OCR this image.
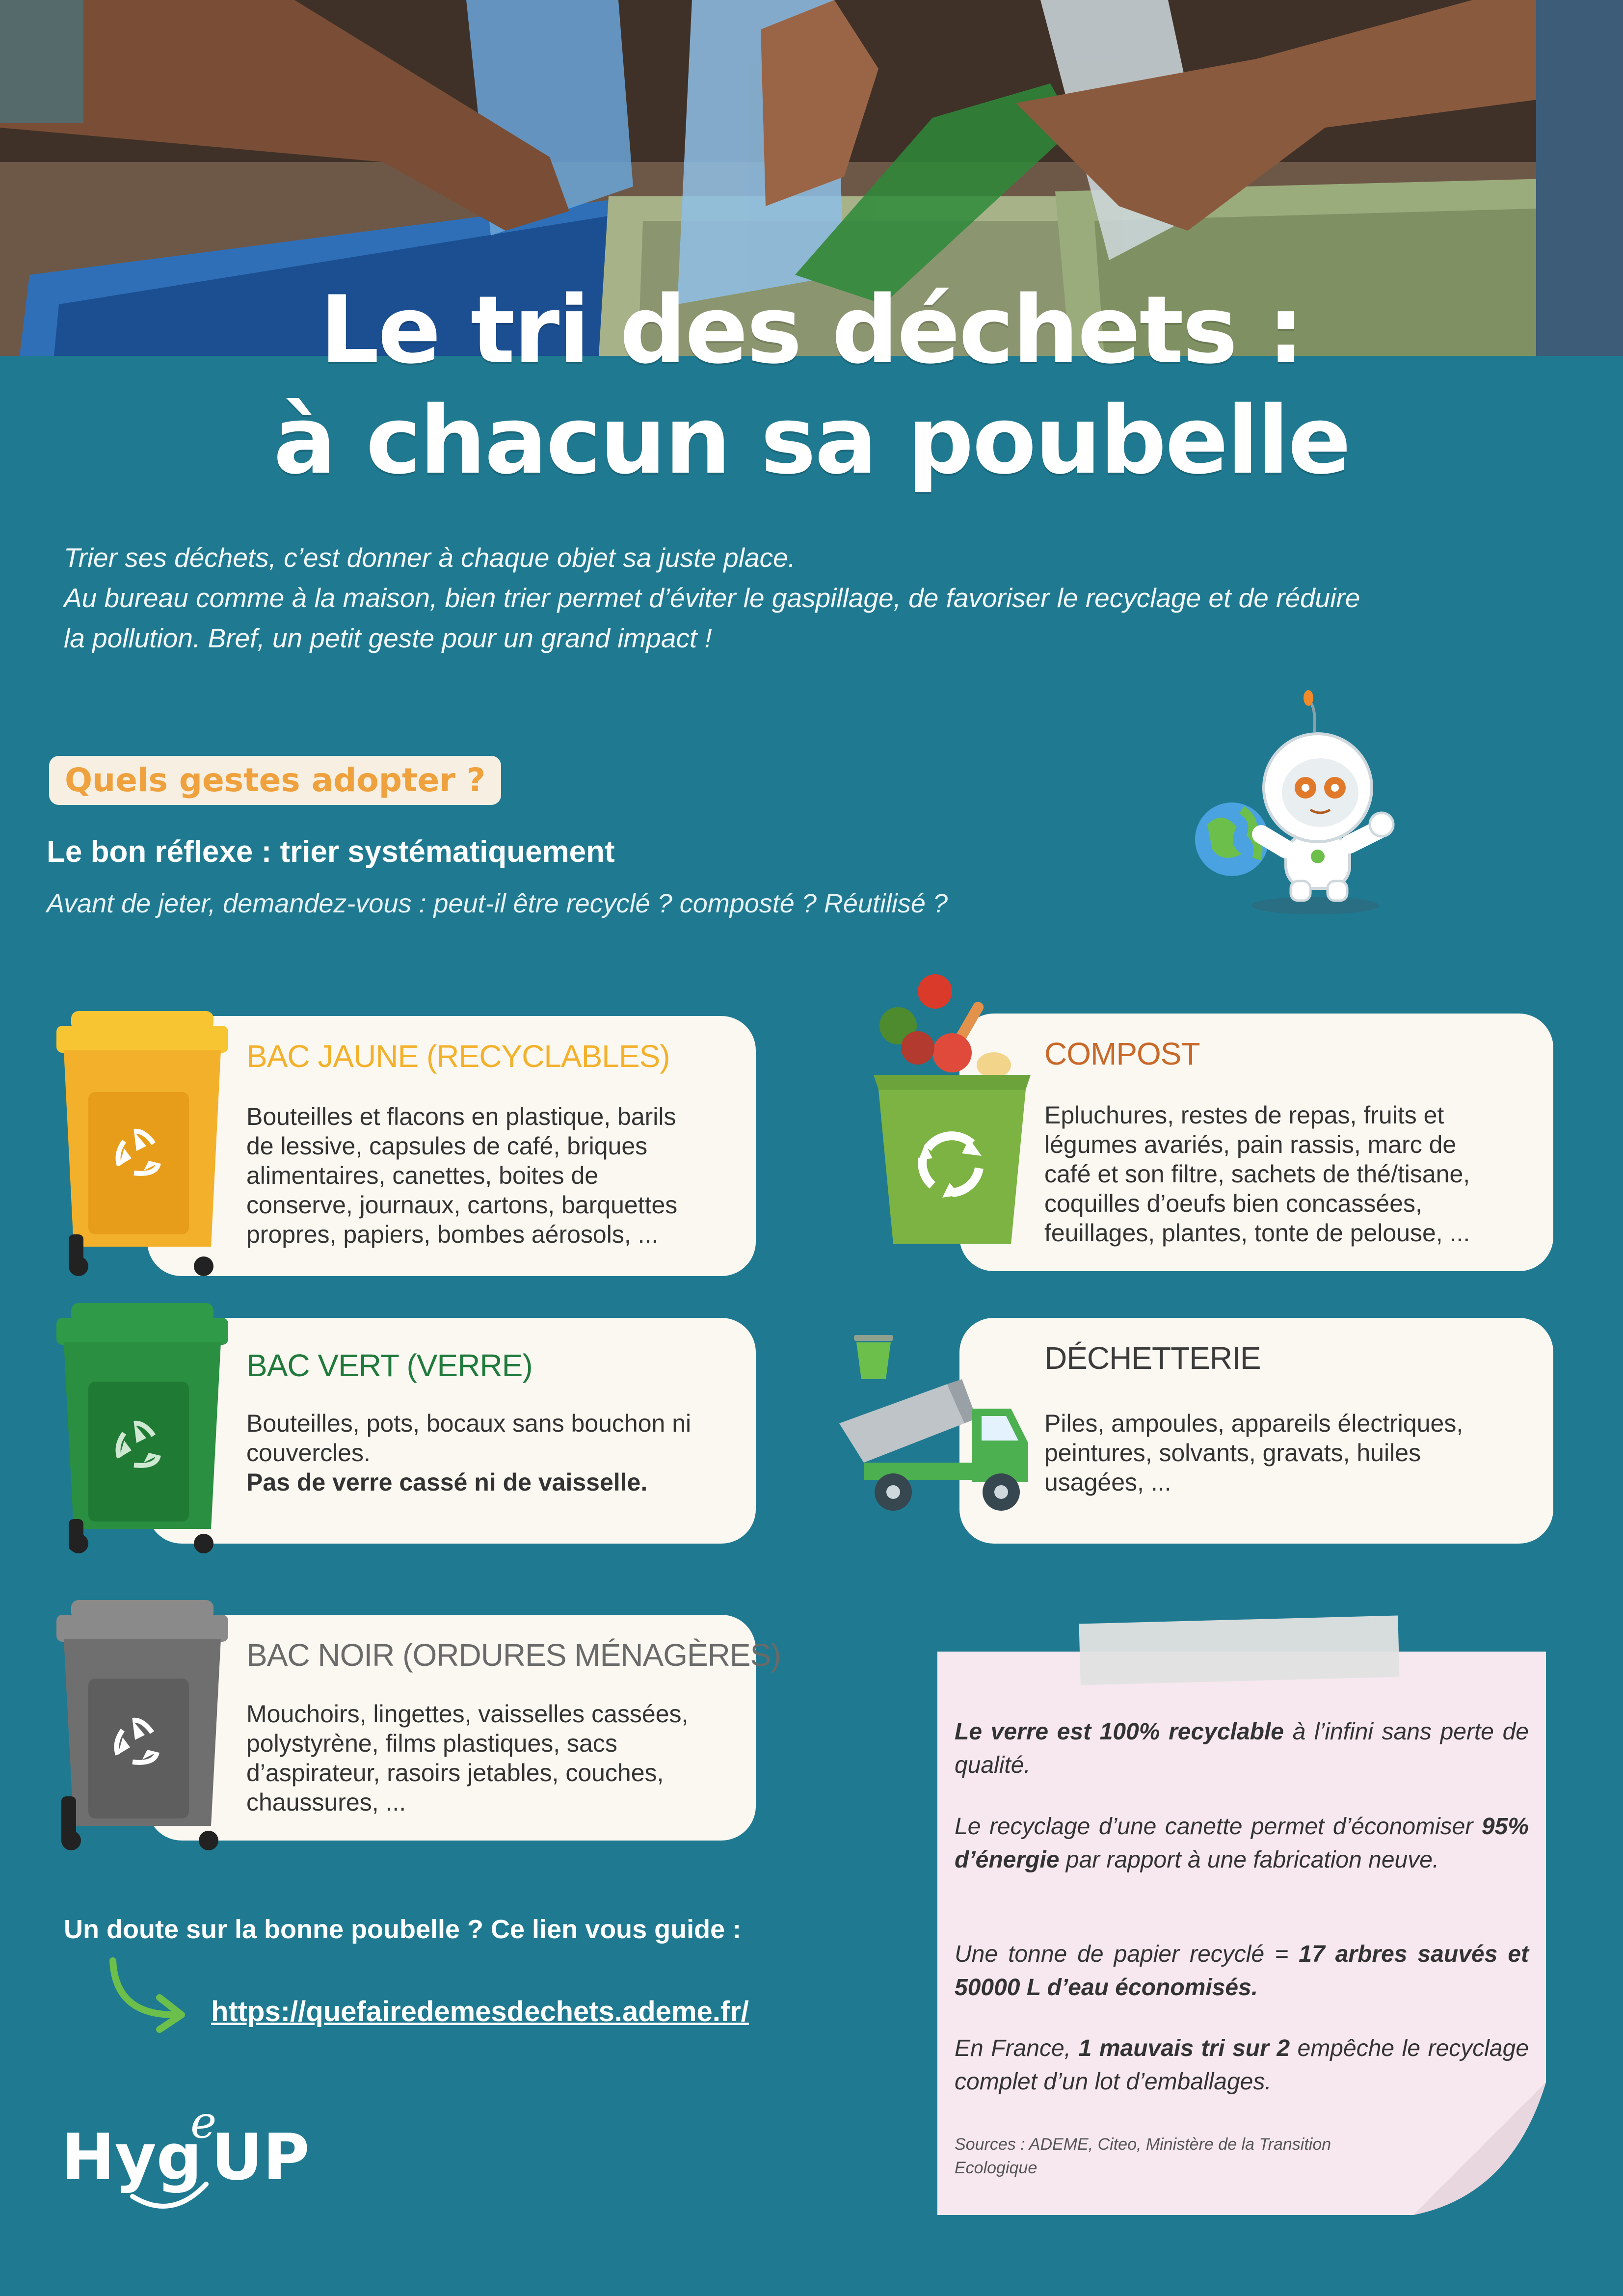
Le tri des déchets :
à chacun sa poubelle

Trier ses déchets, c’est donner à chaque objet sa juste place.

Au bureau comme à la maison, bien trier permet d’éviter le gaspillage, de favoriser le recyclage et de réduire

la pollution. Bref, un petit geste pour un grand impact !

Quels gestes adopter ?
Le bon réflexe : trier systématiquement
Avant de jeter, demandez-vous : peut-il être recyclé ? composté ? Réutilisé ?
BAC JAUNE (RECYCLABLES)
Bouteilles et flacons en plastique, barils
de lessive, capsules de café, briques
alimentaires, canettes, boites de
conserve, journaux, cartons, barquettes
propres, papiers, bombes aérosols, ...
BAC VERT (VERRE)
Bouteilles, pots, bocaux sans bouchon ni
couvercles.
Pas de verre cassé ni de vaisselle.
BAC NOIR (ORDURES MÉNAGÈRES)
Mouchoirs, lingettes, vaisselles cassées,
polystyrène, films plastiques, sacs
d’aspirateur, rasoirs jetables, couches,
chaussures, ...
COMPOST
Epluchures, restes de repas, fruits et
légumes avariés, pain rassis, marc de
café et son filtre, sachets de thé/tisane,
coquilles d’oeufs bien concassées,
feuillages, plantes, tonte de pelouse, ...
DÉCHETTERIE
Piles, ampoules, appareils électriques,
peintures, solvants, gravats, huiles
usagées, ...
Le verre est 100% recyclable à l’infini sans perte de qualité.
Le recyclage d’une canette permet d’économiser 95% d’énergie par rapport à une fabrication neuve.
Une tonne de papier recyclé = 17 arbres sauvés et 50000 L d’eau économisés.
En France, 1 mauvais tri sur 2 empêche le recyclage complet d’un lot d’emballages.
Sources : ADEME, Citeo, Ministère de la Transition Ecologique
Un doute sur la bonne poubelle ? Ce lien vous guide :
https://quefairedemesdechets.ademe.fr/
Hyg
e
UP
